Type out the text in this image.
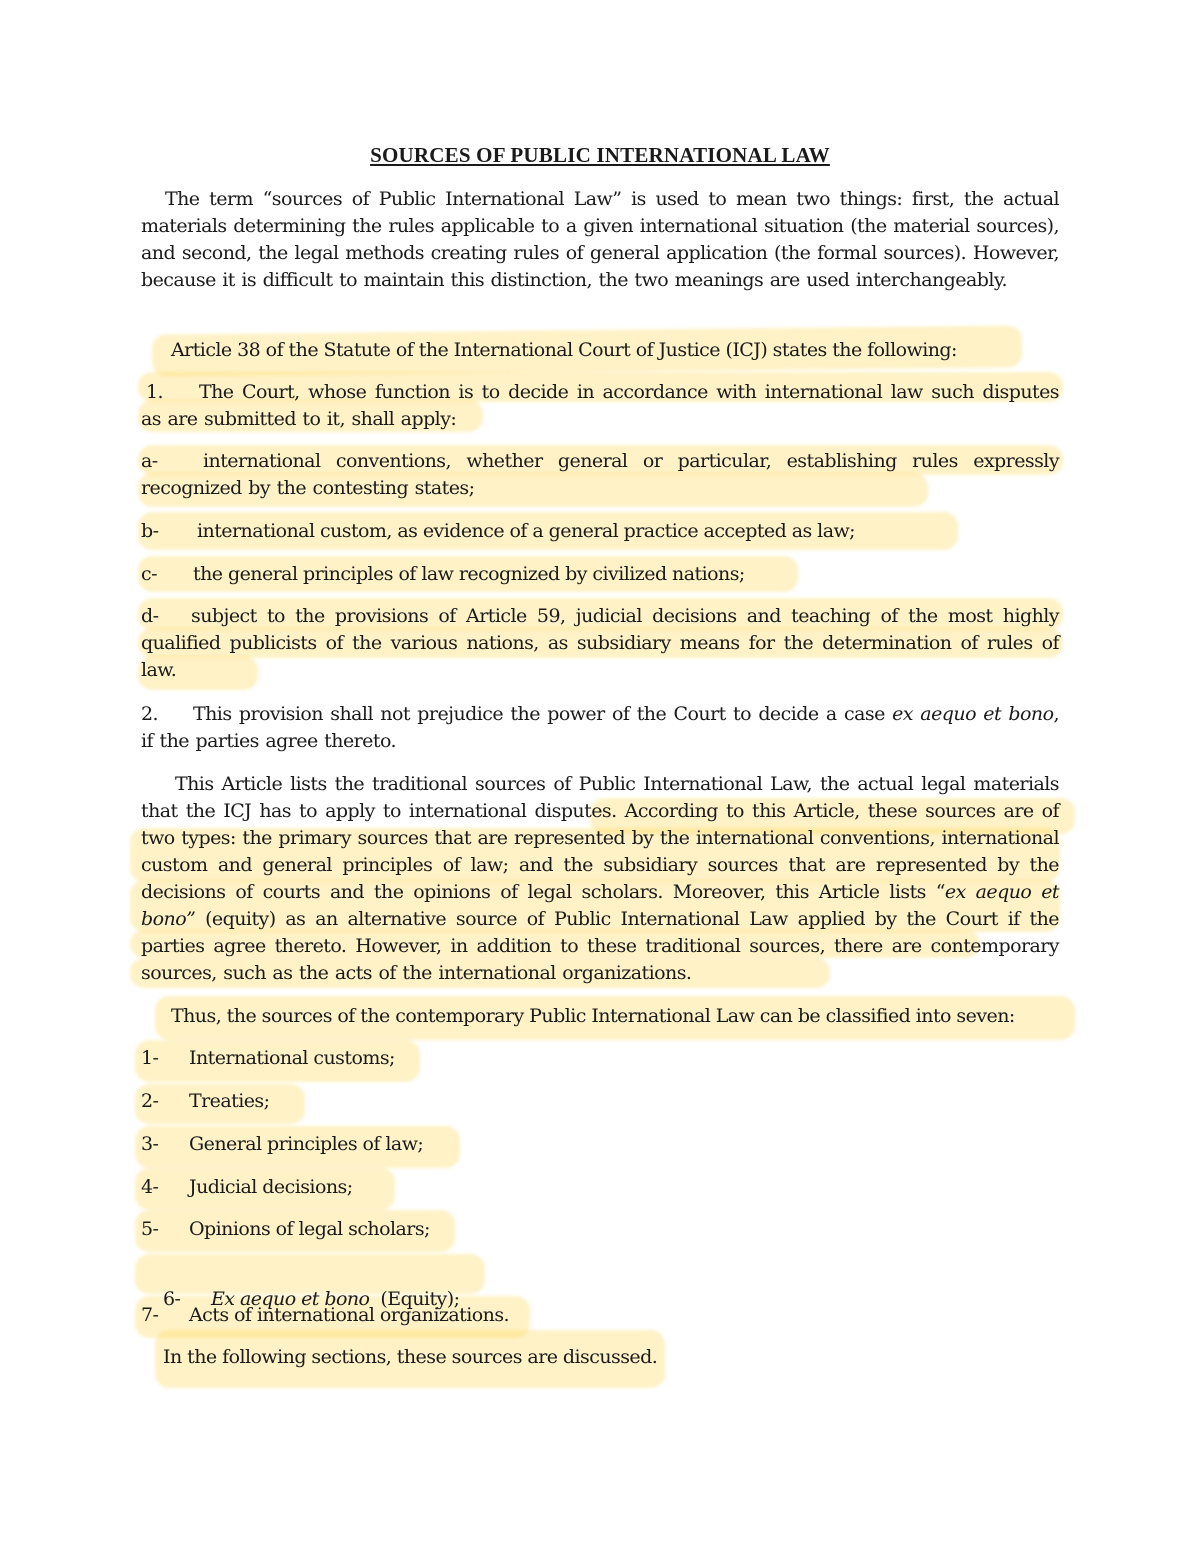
SOURCES OF PUBLIC INTERNATIONAL LAW
The term “sources of Public International Law” is used to mean two things: first, the actual materials determining the rules applicable to a given international situation (the material sources), and second, the legal methods creating rules of general application (the formal sources). However, because it is difficult to maintain this distinction, the two meanings are used interchangeably.
Article 38 of the Statute of the International Court of Justice (ICJ) states the following:
1. The Court, whose function is to decide in accordance with international law such disputes as are submitted to it, shall apply:
a- international conventions, whether general or particular, establishing rules expressly recognized by the contesting states;
b- international custom, as evidence of a general practice accepted as law;
c- the general principles of law recognized by civilized nations;
d- subject to the provisions of Article 59, judicial decisions and teaching of the most highly qualified publicists of the various nations, as subsidiary means for the determination of rules of law.
2. This provision shall not prejudice the power of the Court to decide a case ex aequo et bono, if the parties agree thereto.
This Article lists the traditional sources of Public International Law, the actual legal materials that the ICJ has to apply to international disputes. According to this Article, these sources are of two types: the primary sources that are represented by the international conventions, international custom and general principles of law; and the subsidiary sources that are represented by the decisions of courts and the opinions of legal scholars. Moreover, this Article lists “ex aequo et bono” (equity) as an alternative source of Public International Law applied by the Court if the parties agree thereto. However, in addition to these traditional sources, there are contemporary sources, such as the acts of the international organizations.
Thus, the sources of the contemporary Public International Law can be classified into seven:
1- International customs;
2- Treaties;
3- General principles of law;
4- Judicial decisions;
5- Opinions of legal scholars;

6- Ex aequo et bono  (Equity);

7- Acts of international organizations.
In the following sections, these sources are discussed.
